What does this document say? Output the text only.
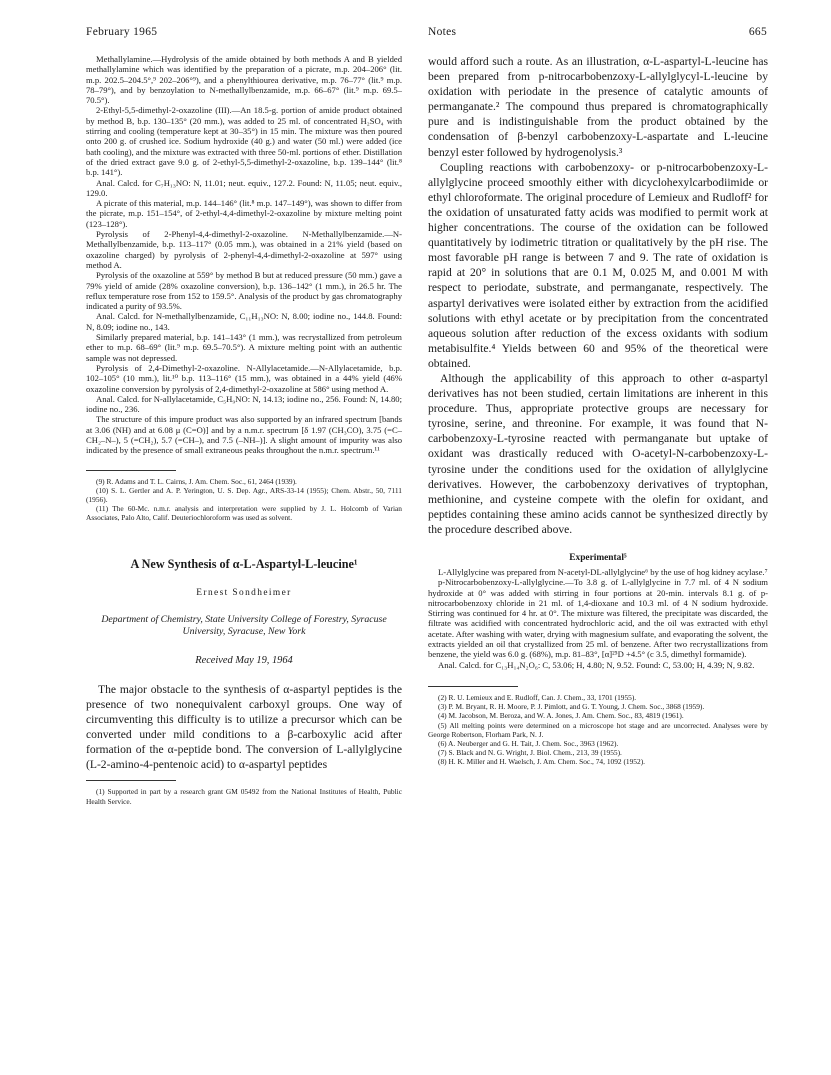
February 1965	Notes	665

Methallylamine.—Hydrolysis of the amide obtained by both methods A and B yielded methallylamine which was identified by the preparation of a picrate, m.p. 204–206° (lit. m.p. 202.5–204.5°,⁹ 202–206°⁹), and a phenylthiourea derivative, m.p. 76–77° (lit.⁹ m.p. 78–79°), and by benzoylation to N-methallylbenzamide, m.p. 66–67° (lit.⁹ m.p. 69.5–70.5°).

2-Ethyl-5,5-dimethyl-2-oxazoline (III).—An 18.5-g. portion of amide product obtained by method B, b.p. 130–135° (20 mm.), was added to 25 ml. of concentrated H₂SO₄ with stirring and cooling (temperature kept at 30–35°) in 15 min. The mixture was then poured onto 200 g. of crushed ice. Sodium hydroxide (40 g.) and water (50 ml.) were added (ice bath cooling), and the mixture was extracted with three 50-ml. portions of ether. Distillation of the dried extract gave 9.0 g. of 2-ethyl-5,5-dimethyl-2-oxazoline, b.p. 139–144° (lit.⁸ b.p. 141°).

Anal. Calcd. for C₇H₁₃NO: N, 11.01; neut. equiv., 127.2. Found: N, 11.05; neut. equiv., 129.0.

A picrate of this material, m.p. 144–146° (lit.⁸ m.p. 147–149°), was shown to differ from the picrate, m.p. 151–154°, of 2-ethyl-4,4-dimethyl-2-oxazoline by mixture melting point (123–128°).

Pyrolysis of 2-Phenyl-4,4-dimethyl-2-oxazoline. N-Methallylbenzamide.—N-Methallylbenzamide, b.p. 113–117° (0.05 mm.), was obtained in a 21% yield (based on oxazoline charged) by pyrolysis of 2-phenyl-4,4-dimethyl-2-oxazoline at 597° using method A.

Pyrolysis of the oxazoline at 559° by method B but at reduced pressure (50 mm.) gave a 79% yield of amide (28% oxazoline conversion), b.p. 136–142° (1 mm.), in 26.5 hr. The reflux temperature rose from 152 to 159.5°. Analysis of the product by gas chromatography indicated a purity of 93.5%.

Anal. Calcd. for N-methallylbenzamide, C₁₁H₁₃NO: N, 8.00; iodine no., 144.8. Found: N, 8.09; iodine no., 143.

Similarly prepared material, b.p. 141–143° (1 mm.), was recrystallized from petroleum ether to m.p. 68–69° (lit.⁹ m.p. 69.5–70.5°). A mixture melting point with an authentic sample was not depressed.

Pyrolysis of 2,4-Dimethyl-2-oxazoline. N-Allylacetamide.—N-Allylacetamide, b.p. 102–105° (10 mm.), lit.¹⁰ b.p. 113–116° (15 mm.), was obtained in a 44% yield (46% oxazoline conversion by pyrolysis of 2,4-dimethyl-2-oxazoline at 586° using method A.

Anal. Calcd. for N-allylacetamide, C₅H₉NO: N, 14.13; iodine no., 256. Found: N, 14.80; iodine no., 236.

The structure of this impure product was also supported by an infrared spectrum [bands at 3.06 (NH) and at 6.08 μ (C=O)] and by a n.m.r. spectrum [δ 1.97 (CH₃CO), 3.75 (=C–CH₂–N–), 5 (=CH₂), 5.7 (=CH–), and 7.5 (–NH–)]. A slight amount of impurity was also indicated by the presence of small extraneous peaks throughout the n.m.r. spectrum.¹¹

(9) R. Adams and T. L. Cairns, J. Am. Chem. Soc., 61, 2464 (1939).

(10) S. L. Gertler and A. P. Yerington, U. S. Dep. Agr., ARS-33-14 (1955); Chem. Abstr., 50, 7111 (1956).

(11) The 60-Mc. n.m.r. analysis and interpretation were supplied by J. L. Holcomb of Varian Associates, Palo Alto, Calif. Deuteriochloroform was used as solvent.

A New Synthesis of α-L-Aspartyl-L-leucine¹
Ernest Sondheimer
Department of Chemistry, State University College of Forestry, Syracuse University, Syracuse, New York
Received May 19, 1964

The major obstacle to the synthesis of α-aspartyl peptides is the presence of two nonequivalent carboxyl groups. One way of circumventing this difficulty is to utilize a precursor which can be converted under mild conditions to a β-carboxylic acid after formation of the α-peptide bond. The conversion of L-allylglycine (L-2-amino-4-pentenoic acid) to α-aspartyl peptides

(1) Supported in part by a research grant GM 05492 from the National Institutes of Health, Public Health Service.

would afford such a route. As an illustration, α-L-aspartyl-L-leucine has been prepared from p-nitrocarbobenzoxy-L-allylglycyl-L-leucine by oxidation with periodate in the presence of catalytic amounts of permanganate.² The compound thus prepared is chromatographically pure and is indistinguishable from the product obtained by the condensation of β-benzyl carbobenzoxy-L-aspartate and L-leucine benzyl ester followed by hydrogenolysis.³

Coupling reactions with carbobenzoxy- or p-nitrocarbobenzoxy-L-allylglycine proceed smoothly either with dicyclohexylcarbodiimide or ethyl chloroformate. The original procedure of Lemieux and Rudloff² for the oxidation of unsaturated fatty acids was modified to permit work at higher concentrations. The course of the oxidation can be followed quantitatively by iodimetric titration or qualitatively by the pH rise. The most favorable pH range is between 7 and 9. The rate of oxidation is rapid at 20° in solutions that are 0.1 M, 0.025 M, and 0.001 M with respect to periodate, substrate, and permanganate, respectively. The aspartyl derivatives were isolated either by extraction from the acidified solutions with ethyl acetate or by precipitation from the concentrated aqueous solution after reduction of the excess oxidants with sodium metabisulfite.⁴ Yields between 60 and 95% of the theoretical were obtained.

Although the applicability of this approach to other α-aspartyl derivatives has not been studied, certain limitations are inherent in this procedure. Thus, appropriate protective groups are necessary for tyrosine, serine, and threonine. For example, it was found that N-carbobenzoxy-L-tyrosine reacted with permanganate but uptake of oxidant was drastically reduced with O-acetyl-N-carbobenzoxy-L-tyrosine under the conditions used for the oxidation of allylglycine derivatives. However, the carbobenzoxy derivatives of tryptophan, methionine, and cysteine compete with the olefin for oxidant, and peptides containing these amino acids cannot be synthesized directly by the procedure described above.

Experimental⁵

L-Allylglycine was prepared from N-acetyl-DL-allylglycine⁶ by the use of hog kidney acylase.⁷

p-Nitrocarbobenzoxy-L-allylglycine.—To 3.8 g. of L-allylglycine in 7.7 ml. of 4 N sodium hydroxide at 0° was added with stirring in four portions at 20-min. intervals 8.1 g. of p-nitrocarbobenzoxy chloride in 21 ml. of 1,4-dioxane and 10.3 ml. of 4 N sodium hydroxide. Stirring was continued for 4 hr. at 0°. The mixture was filtered, the precipitate was discarded, the filtrate was acidified with concentrated hydrochloric acid, and the oil was extracted with ethyl acetate. After washing with water, drying with magnesium sulfate, and evaporating the solvent, the extracts yielded an oil that crystallized from 25 ml. of benzene. After two recrystallizations from benzene, the yield was 6.0 g. (68%), m.p. 81–83°, [α]²⁵D +4.5° (c 3.5, dimethyl formamide).

Anal. Calcd. for C₁₃H₁₄N₂O₆: C, 53.06; H, 4.80; N, 9.52. Found: C, 53.00; H, 4.39; N, 9.82.

(2) R. U. Lemieux and E. Rudloff, Can. J. Chem., 33, 1701 (1955).

(3) P. M. Bryant, R. H. Moore, P. J. Pimlott, and G. T. Young, J. Chem. Soc., 3868 (1959).

(4) M. Jacobson, M. Beroza, and W. A. Jones, J. Am. Chem. Soc., 83, 4819 (1961).

(5) All melting points were determined on a microscope hot stage and are uncorrected. Analyses were by George Robertson, Florham Park, N. J.

(6) A. Neuberger and G. H. Tait, J. Chem. Soc., 3963 (1962).

(7) S. Black and N. G. Wright, J. Biol. Chem., 213, 39 (1955).

(8) H. K. Miller and H. Waelsch, J. Am. Chem. Soc., 74, 1092 (1952).
